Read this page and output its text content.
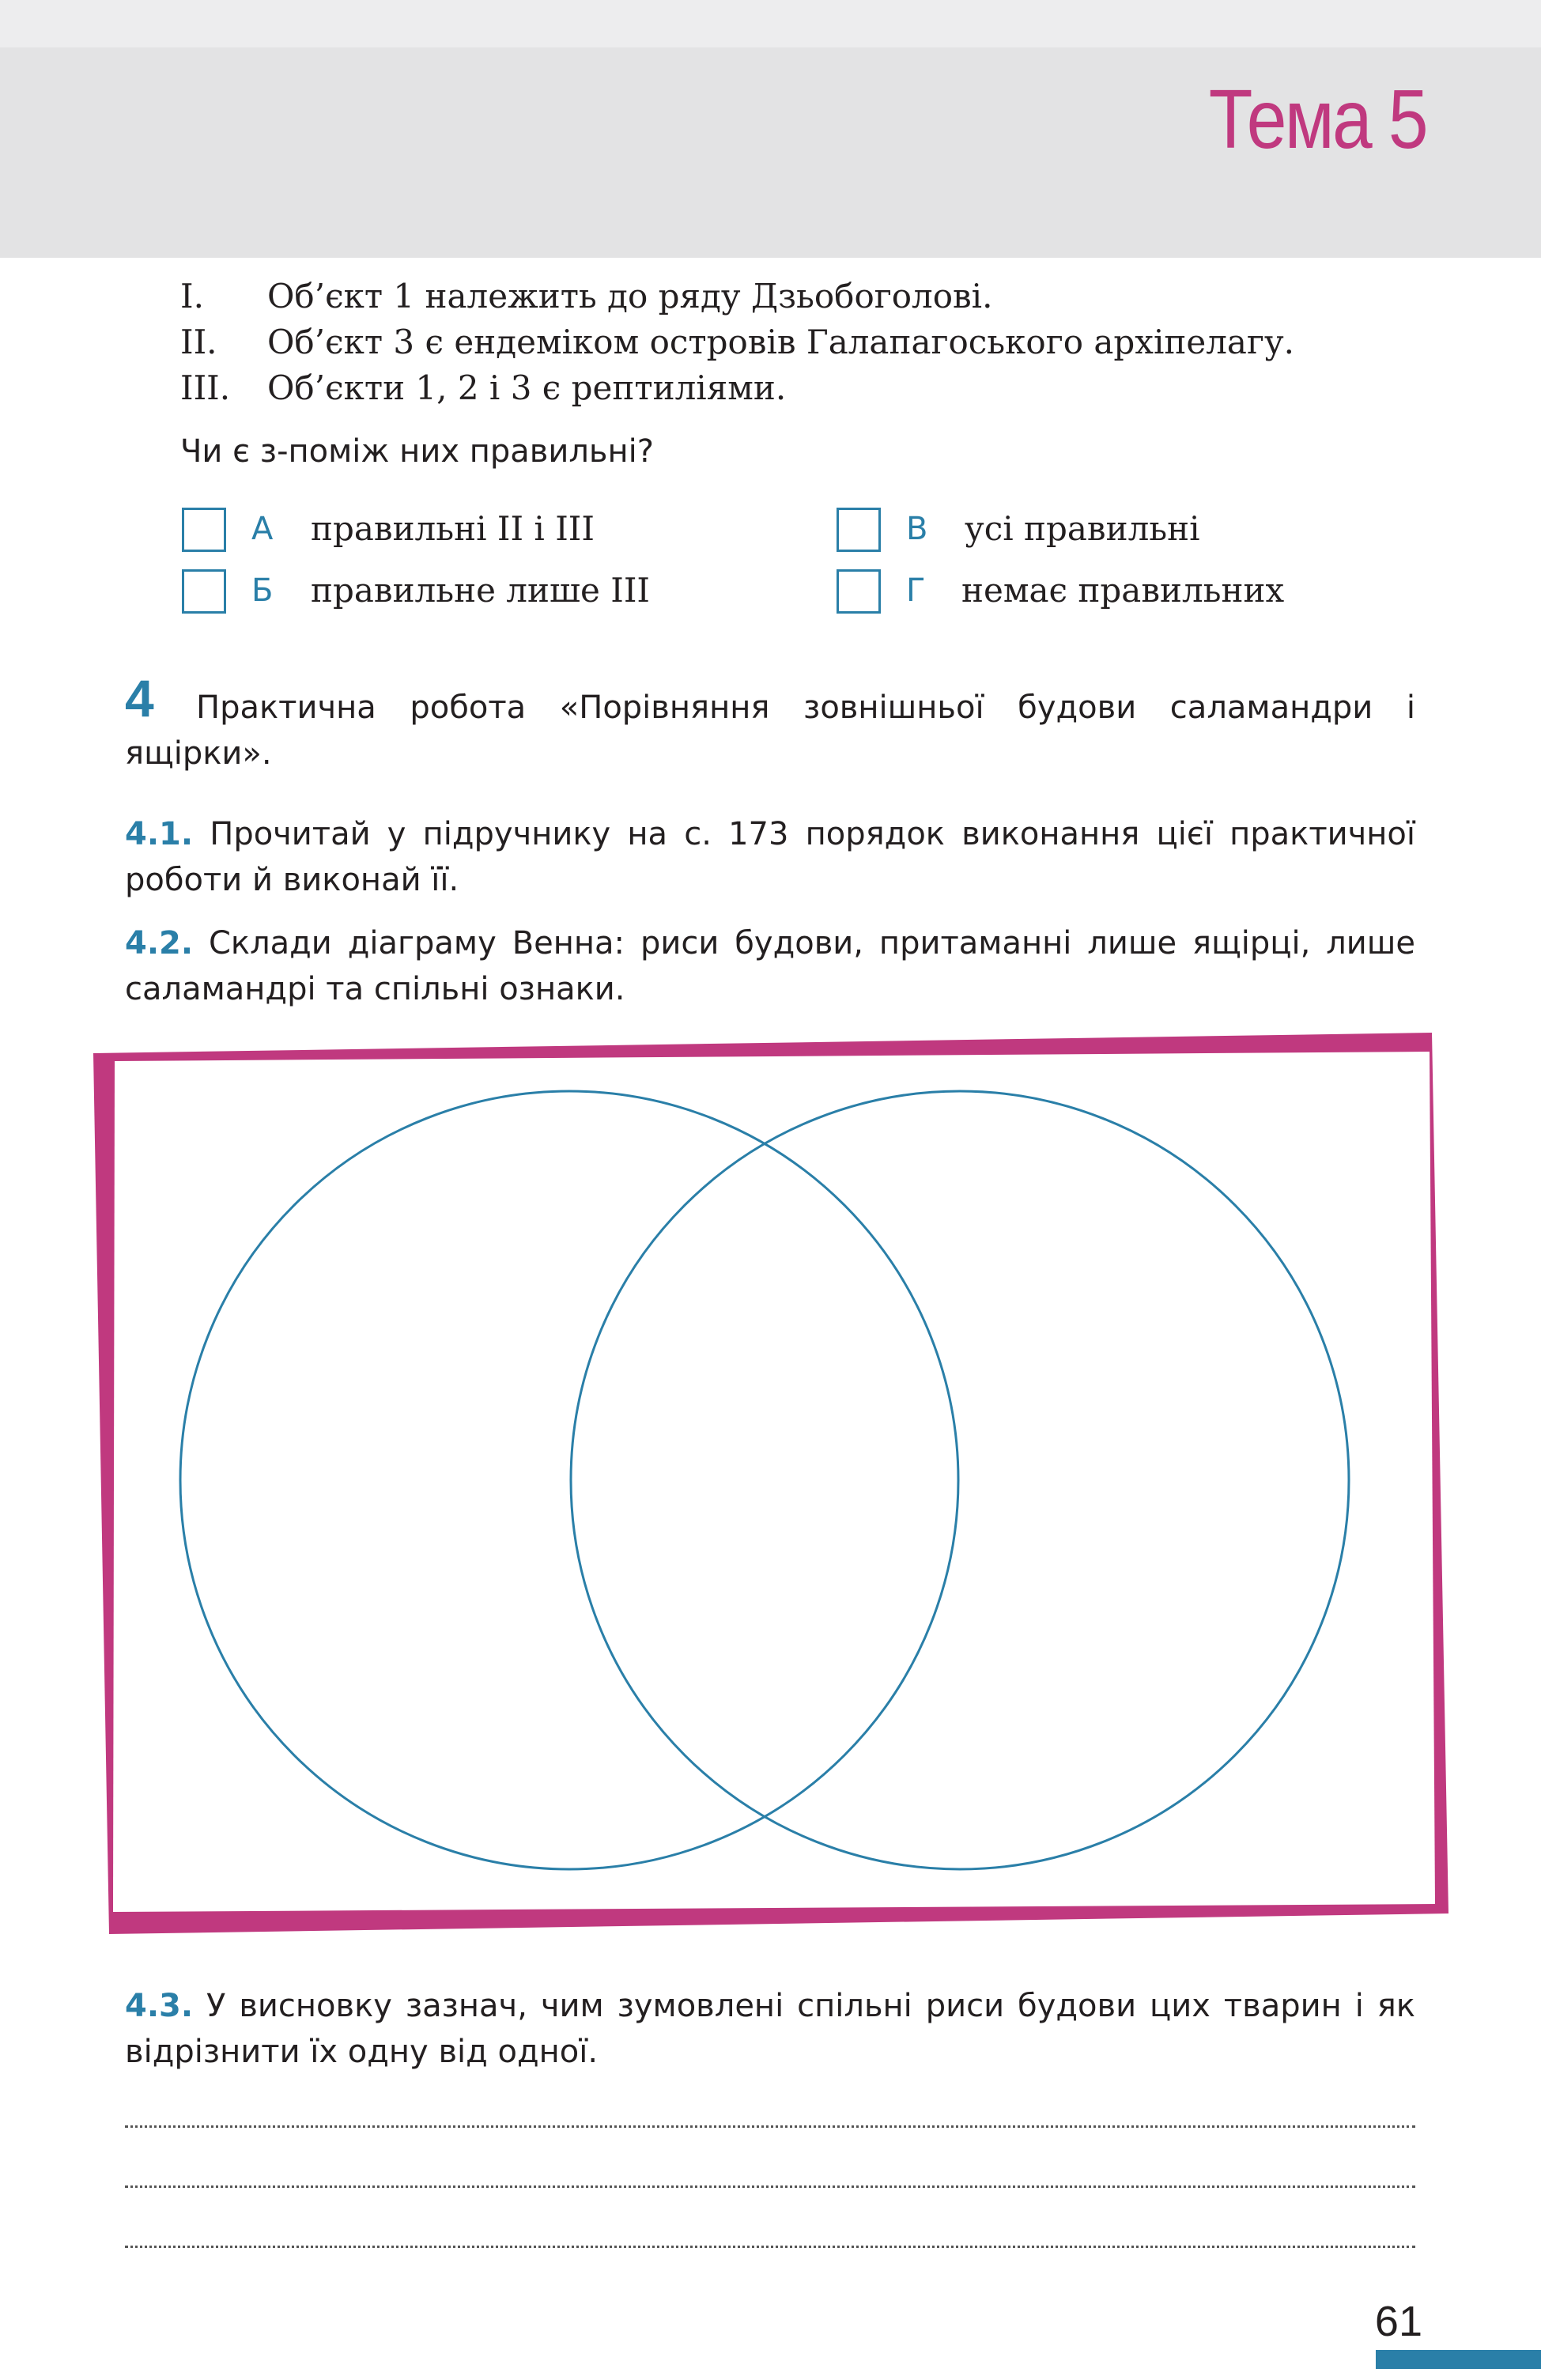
Тема 5
I. Об’єкт 1 належить до ряду Дзьобоголові.
II. Об’єкт 3 є ендеміком островів Галапагоського архіпелагу.
III. Об’єкти 1, 2 і 3 є рептиліями.
Чи є з-поміж них правильні?
А правильні II і III
Б правильне лише III
В усі правильні
Г немає правильних
4	Практична робота «Порівняння зовнішньої будови саламандри і ящірки».
4.1. Прочитай у підручнику на с. 173 порядок виконання цієї практичної роботи й виконай її.
4.2. Склади діаграму Венна: риси будови, притаманні лише ящірці, лише саламандрі та спільні ознаки.
4.3. У висновку зазнач, чим зумовлені спільні риси будови цих тварин і як відрізнити їх одну від одної.
61
